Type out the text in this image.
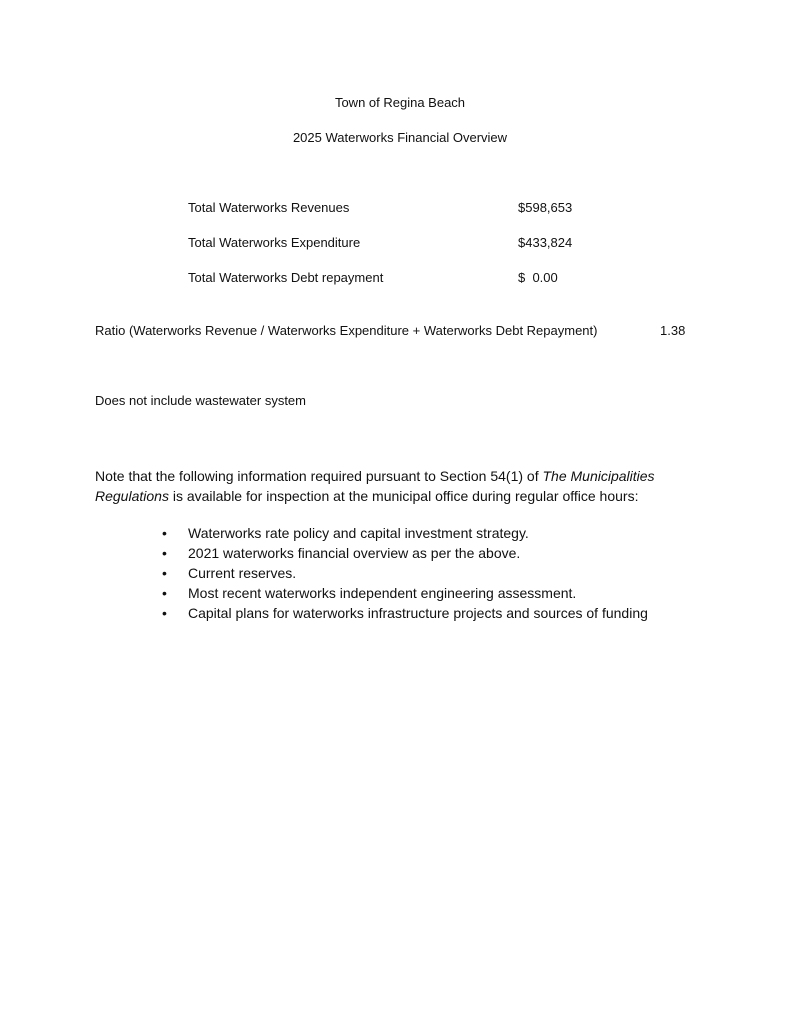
Town of Regina Beach
2025 Waterworks Financial Overview
Total Waterworks Revenues	$598,653
Total Waterworks Expenditure	$433,824
Total Waterworks Debt repayment	$  0.00
Ratio (Waterworks Revenue / Waterworks Expenditure + Waterworks Debt Repayment)	1.38
Does not include wastewater system
Note that the following information required pursuant to Section 54(1) of The Municipalities Regulations is available for inspection at the municipal office during regular office hours:
• Waterworks rate policy and capital investment strategy.
• 2021 waterworks financial overview as per the above.
• Current reserves.
• Most recent waterworks independent engineering assessment.
• Capital plans for waterworks infrastructure projects and sources of funding
